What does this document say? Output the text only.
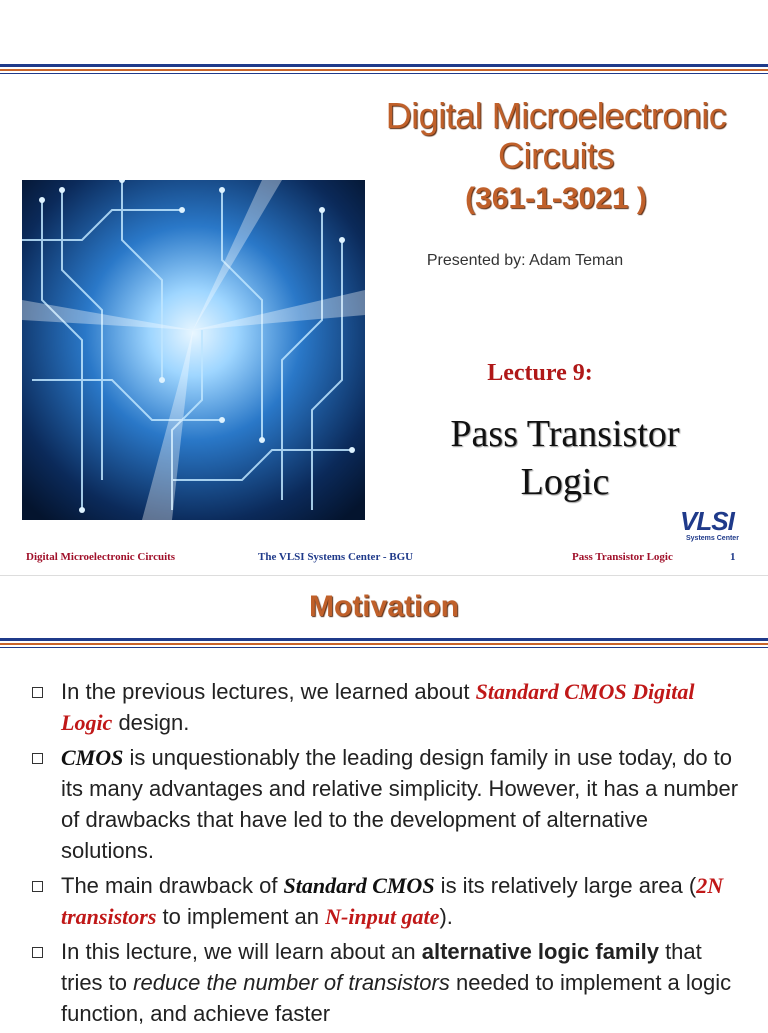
Digital Microelectronic
Circuits
(361-1-3021 )
Presented by: Adam Teman
Lecture 9:
Pass Transistor
Logic
VLSI
Systems Center
Digital Microelectronic Circuits	The VLSI Systems Center - BGU	Pass Transistor Logic	1
Motivation
In the previous lectures, we learned about Standard CMOS Digital Logic design.
CMOS is unquestionably the leading design family in use today, do to its many advantages and relative simplicity. However, it has a number of drawbacks that have led to the development of alternative solutions.
The main drawback of Standard CMOS is its relatively large area (2N transistors to implement an N-input gate).
In this lecture, we will learn about an alternative logic family that tries to reduce the number of transistors needed to implement a logic function, and achieve faster
